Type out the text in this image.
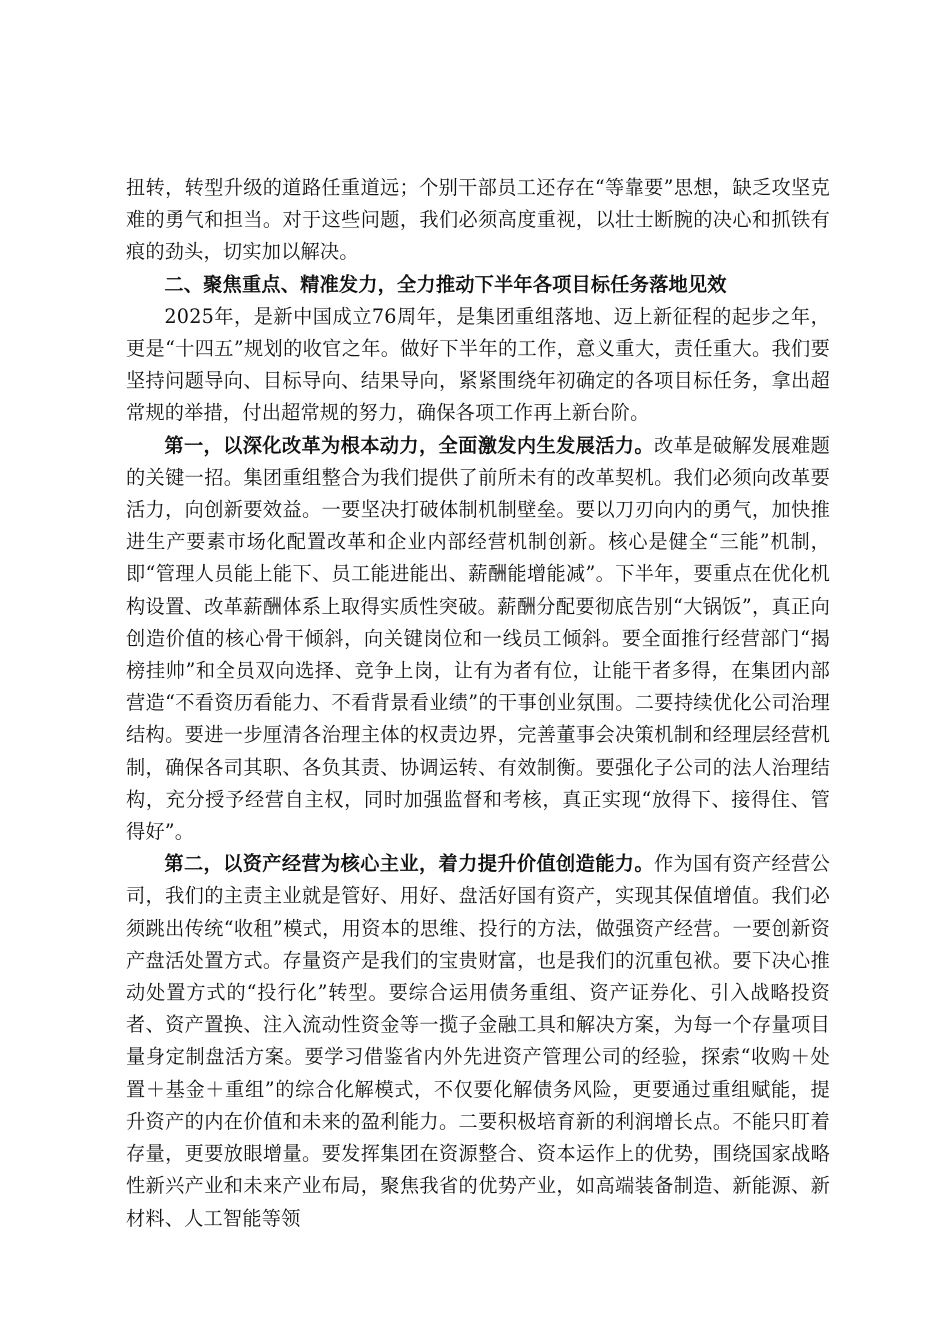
扭转，转型升级的道路任重道远；个别干部员工还存在“等靠要”思想，缺乏攻坚克难的勇气和担当。对于这些问题，我们必须高度重视，以壮士断腕的决心和抓铁有痕的劲头，切实加以解决。

二、聚焦重点、精准发力，全力推动下半年各项目标任务落地见效

2025年，是新中国成立76周年，是集团重组落地、迈上新征程的起步之年，更是“十四五”规划的收官之年。做好下半年的工作，意义重大，责任重大。我们要坚持问题导向、目标导向、结果导向，紧紧围绕年初确定的各项目标任务，拿出超常规的举措，付出超常规的努力，确保各项工作再上新台阶。

第一，以深化改革为根本动力，全面激发内生发展活力。改革是破解发展难题的关键一招。集团重组整合为我们提供了前所未有的改革契机。我们必须向改革要活力，向创新要效益。一要坚决打破体制机制壁垒。要以刀刃向内的勇气，加快推进生产要素市场化配置改革和企业内部经营机制创新。核心是健全“三能”机制，即“管理人员能上能下、员工能进能出、薪酬能增能减”。下半年，要重点在优化机构设置、改革薪酬体系上取得实质性突破。薪酬分配要彻底告别“大锅饭”，真正向创造价值的核心骨干倾斜，向关键岗位和一线员工倾斜。要全面推行经营部门“揭榜挂帅”和全员双向选择、竞争上岗，让有为者有位，让能干者多得，在集团内部营造“不看资历看能力、不看背景看业绩”的干事创业氛围。二要持续优化公司治理结构。要进一步厘清各治理主体的权责边界，完善董事会决策机制和经理层经营机制，确保各司其职、各负其责、协调运转、有效制衡。要强化子公司的法人治理结构，充分授予经营自主权，同时加强监督和考核，真正实现“放得下、接得住、管得好”。

第二，以资产经营为核心主业，着力提升价值创造能力。作为国有资产经营公司，我们的主责主业就是管好、用好、盘活好国有资产，实现其保值增值。我们必须跳出传统“收租”模式，用资本的思维、投行的方法，做强资产经营。一要创新资产盘活处置方式。存量资产是我们的宝贵财富，也是我们的沉重包袱。要下决心推动处置方式的“投行化”转型。要综合运用债务重组、资产证券化、引入战略投资者、资产置换、注入流动性资金等一揽子金融工具和解决方案，为每一个存量项目量身定制盘活方案。要学习借鉴省内外先进资产管理公司的经验，探索“收购＋处置＋基金＋重组”的综合化解模式，不仅要化解债务风险，更要通过重组赋能，提升资产的内在价值和未来的盈利能力。二要积极培育新的利润增长点。不能只盯着存量，更要放眼增量。要发挥集团在资源整合、资本运作上的优势，围绕国家战略性新兴产业和未来产业布局，聚焦我省的优势产业，如高端装备制造、新能源、新材料、人工智能等领
